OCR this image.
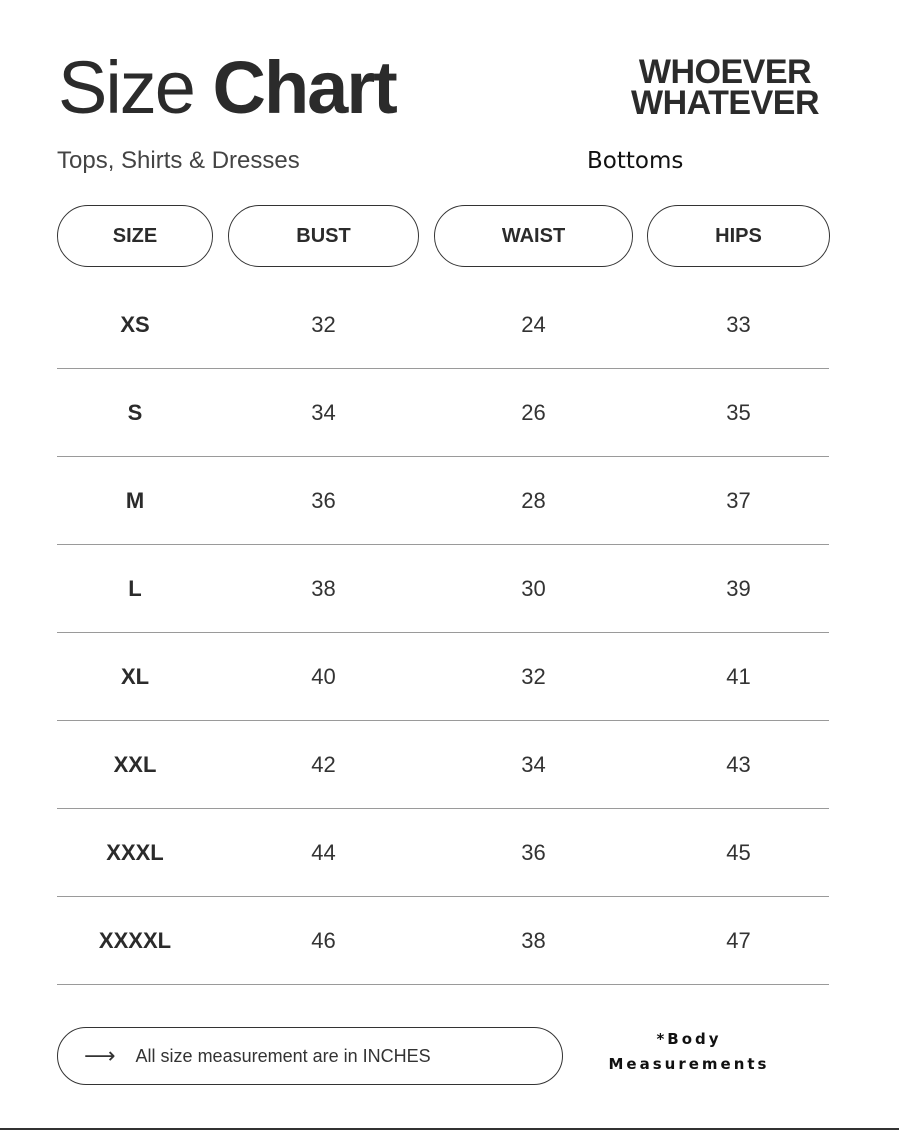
Size Chart	WHOEVER
WHATEVER
Tops, Shirts & Dresses	Bottoms
SIZE	BUST	WAIST	HIPS
XS	32	24	33
S	34	26	35
M	36	28	37
L	38	30	39
XL	40	32	41
XXL	42	34	43
XXXL	44	36	45
XXXXL	46	38	47
⟶ All size measurement are in INCHES
*Body
Measurements
